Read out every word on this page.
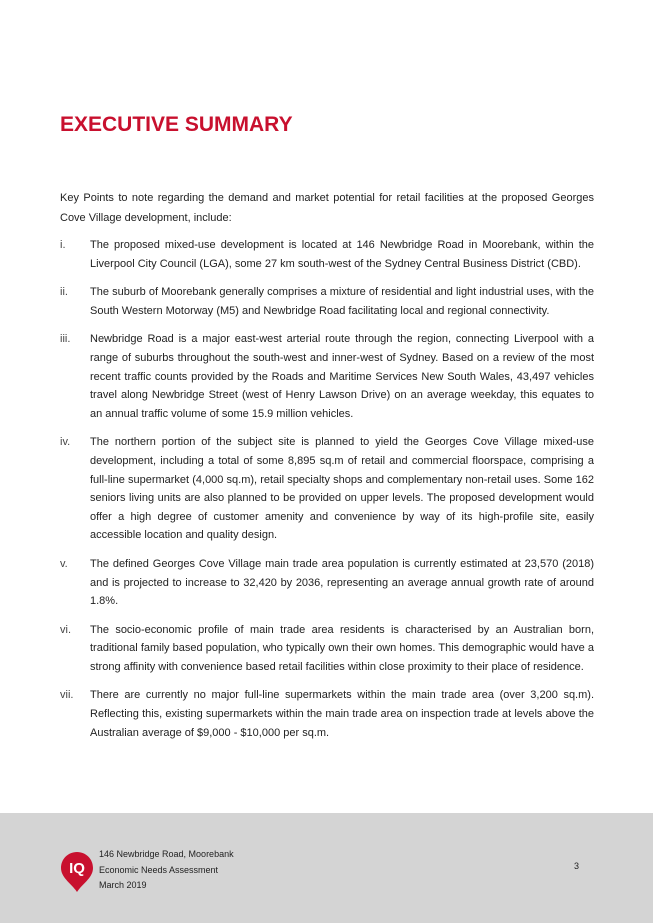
EXECUTIVE SUMMARY

Key Points to note regarding the demand and market potential for retail facilities at the proposed Georges Cove Village development, include:

i.	The proposed mixed-use development is located at 146 Newbridge Road in Moorebank, within the Liverpool City Council (LGA), some 27 km south-west of the Sydney Central Business District (CBD).
ii.	The suburb of Moorebank generally comprises a mixture of residential and light industrial uses, with the South Western Motorway (M5) and Newbridge Road facilitating local and regional connectivity.
iii.	Newbridge Road is a major east-west arterial route through the region, connecting Liverpool with a range of suburbs throughout the south-west and inner-west of Sydney. Based on a review of the most recent traffic counts provided by the Roads and Maritime Services New South Wales, 43,497 vehicles travel along Newbridge Street (west of Henry Lawson Drive) on an average weekday, this equates to an annual traffic volume of some 15.9 million vehicles.
iv.	The northern portion of the subject site is planned to yield the Georges Cove Village mixed-use development, including a total of some 8,895 sq.m of retail and commercial floorspace, comprising a full-line supermarket (4,000 sq.m), retail specialty shops and complementary non-retail uses. Some 162 seniors living units are also planned to be provided on upper levels. The proposed development would offer a high degree of customer amenity and convenience by way of its high-profile site, easily accessible location and quality design.
v.	The defined Georges Cove Village main trade area population is currently estimated at 23,570 (2018) and is projected to increase to 32,420 by 2036, representing an average annual growth rate of around 1.8%.
vi.	The socio-economic profile of main trade area residents is characterised by an Australian born, traditional family based population, who typically own their own homes. This demographic would have a strong affinity with convenience based retail facilities within close proximity to their place of residence.
vii.	There are currently no major full-line supermarkets within the main trade area (over 3,200 sq.m). Reflecting this, existing supermarkets within the main trade area on inspection trade at levels above the Australian average of $9,000 - $10,000 per sq.m.
IQ
146 Newbridge Road, Moorebank
Economic Needs Assessment
March 2019
3
